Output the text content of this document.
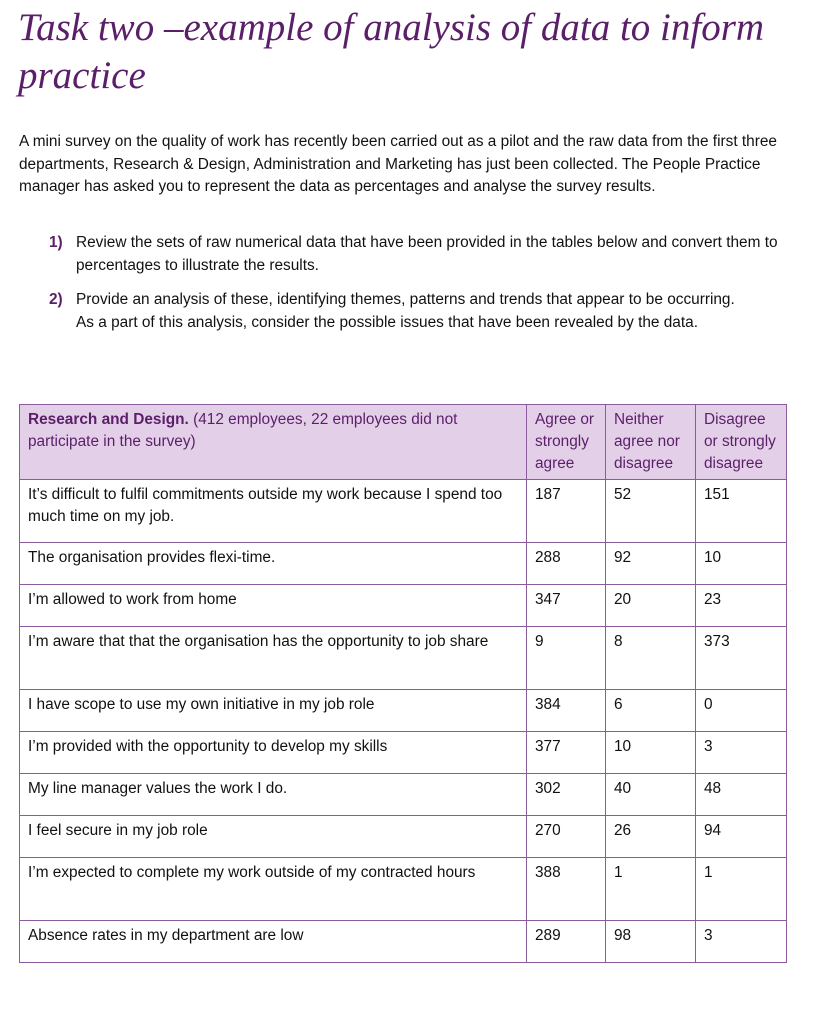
Task two –example of analysis of data to inform practice

A mini survey on the quality of work has recently been carried out as a pilot and the raw data from the first three departments, Research & Design, Administration and Marketing has just been collected. The People Practice manager has asked you to represent the data as percentages and analyse the survey results.

1) Review the sets of raw numerical data that have been provided in the tables below and convert them to percentages to illustrate the results.

2) Provide an analysis of these, identifying themes, patterns and trends that appear to be occurring.

As a part of this analysis, consider the possible issues that have been revealed by the data.

Research and Design. (412 employees, 22 employees did not participate in the survey)	Agree or strongly agree	Neither agree nor disagree	Disagree or strongly disagree
It’s difficult to fulfil commitments outside my work because I spend too much time on my job.	187	52	151
The organisation provides flexi-time.	288	92	10
I’m allowed to work from home	347	20	23
I’m aware that that the organisation has the opportunity to job share	9	8	373
I have scope to use my own initiative in my job role	384	6	0
I’m provided with the opportunity to develop my skills	377	10	3
My line manager values the work I do.	302	40	48
I feel secure in my job role	270	26	94
I’m expected to complete my work outside of my contracted hours	388	1	1
Absence rates in my department are low	289	98	3
